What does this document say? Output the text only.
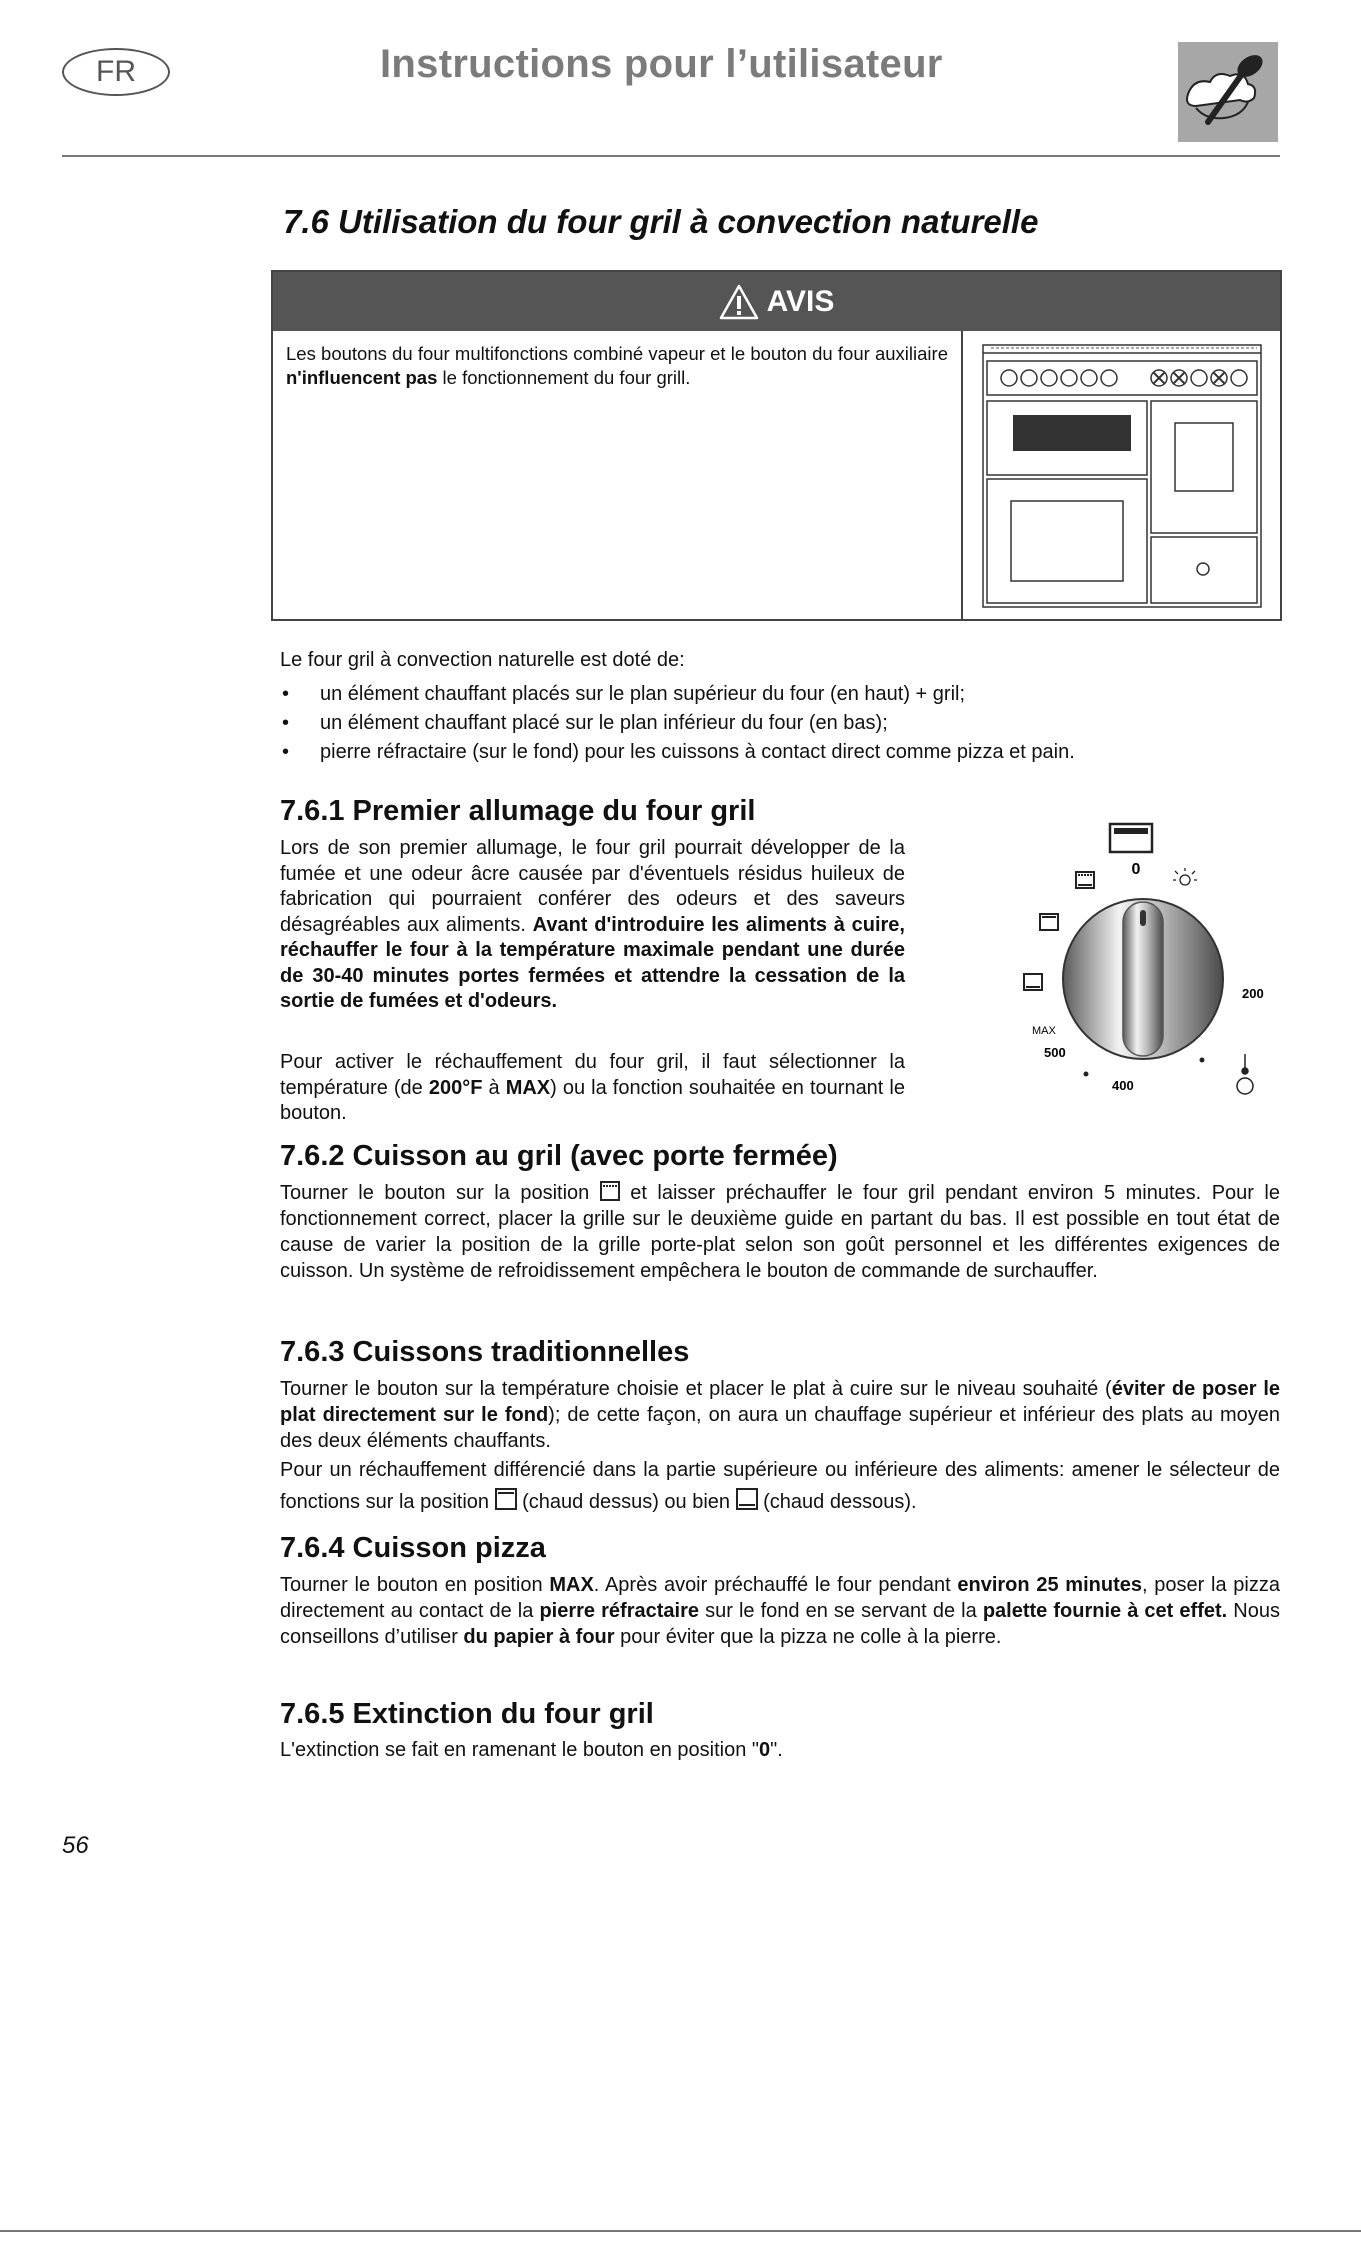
FR	Instructions pour l’utilisateur
7.6 Utilisation du four gril à convection naturelle
AVIS
Les boutons du four multifonctions combiné vapeur et le bouton du four auxiliaire n'influencent pas le fonctionnement du four grill.
Le four gril à convection naturelle est doté de:
• un élément chauffant placés sur le plan supérieur du four (en haut) + gril;
• un élément chauffant placé sur le plan inférieur du four (en bas);
• pierre réfractaire (sur le fond) pour les cuissons à contact direct comme pizza et pain.
7.6.1 Premier allumage du four gril
Lors de son premier allumage, le four gril pourrait développer de la fumée et une odeur âcre causée par d'éventuels résidus huileux de fabrication qui pourraient conférer des odeurs et des saveurs désagréables aux aliments. Avant d'introduire les aliments à cuire, réchauffer le four à la température maximale pendant une durée de 30-40 minutes portes fermées et attendre la cessation de la sortie de fumées et d'odeurs.
Pour activer le réchauffement du four gril, il faut sélectionner la température (de 200°F à MAX) ou la fonction souhaitée en tournant le bouton.
0
200
MAX
500
400
7.6.2 Cuisson au gril (avec porte fermée)
Tourner le bouton sur la position  et laisser préchauffer le four gril pendant environ 5 minutes. Pour le fonctionnement correct, placer la grille sur le deuxième guide en partant du bas. Il est possible en tout état de cause de varier la position de la grille porte-plat selon son goût personnel et les différentes exigences de cuisson. Un système de refroidissement empêchera le bouton de commande de surchauffer.
7.6.3 Cuissons traditionnelles
Tourner le bouton sur la température choisie et placer le plat à cuire sur le niveau souhaité (éviter de poser le plat directement sur le fond); de cette façon, on aura un chauffage supérieur et inférieur des plats au moyen des deux éléments chauffants.
Pour un réchauffement différencié dans la partie supérieure ou inférieure des aliments: amener le sélecteur de fonctions sur la position  (chaud dessus) ou bien  (chaud dessous).
7.6.4 Cuisson pizza
Tourner le bouton en position MAX. Après avoir préchauffé le four pendant environ 25 minutes, poser la pizza directement au contact de la pierre réfractaire sur le fond en se servant de la palette fournie à cet effet. Nous conseillons d’utiliser du papier à four pour éviter que la pizza ne colle à la pierre.
7.6.5 Extinction du four gril
L'extinction se fait en ramenant le bouton en position "0".
56
